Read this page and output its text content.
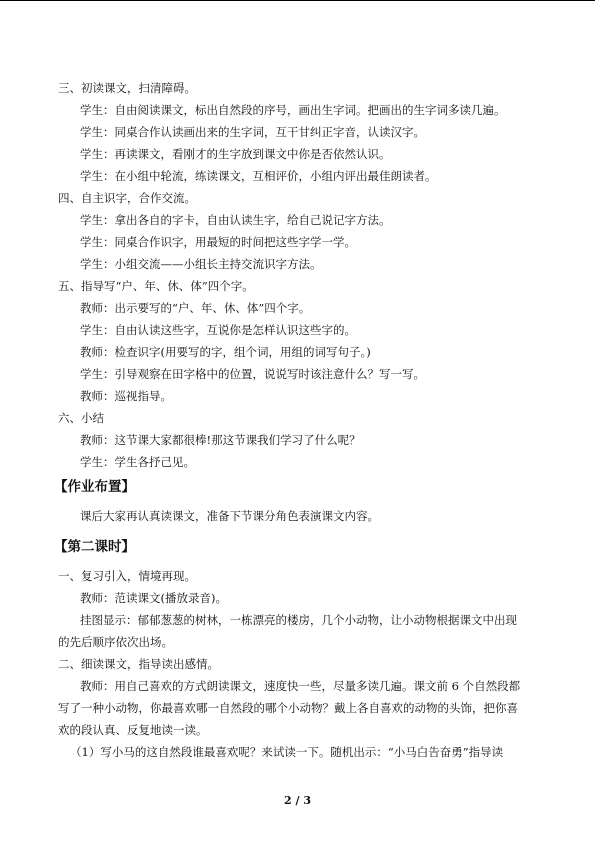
三、初读课文，扫清障碍。
学生：自由阅读课文，标出自然段的序号，画出生字词。把画出的生字词多读几遍。
学生：同桌合作认读画出来的生字词，互干甘纠正字音，认读汉字。
学生：再读课文，看刚才的生字放到课文中你是否依然认识。
学生：在小组中轮流，练读课文，互相评价，小组内评出最佳朗读者。
四、自主识字，合作交流。
学生：拿出各自的字卡，自由认读生字，给自己说记字方法。
学生：同桌合作识字，用最短的时间把这些字学一学。
学生：小组交流——小组长主持交流识字方法。
五、指导写“户、年、休、体”四个字。
教师：出示要写的“户、年、休、体”四个字。
学生：自由认读这些字，互说你是怎样认识这些字的。
教师：检查识字(用要写的字，组个词，用组的词写句子。)
学生：引导观察在田字格中的位置，说说写时该注意什么？写一写。
教师：巡视指导。
六、小结
教师：这节课大家都很棒!那这节课我们学习了什么呢？
学生：学生各抒己见。
【作业布置】
课后大家再认真读课文，准备下节课分角色表演课文内容。
【第二课时】
一、复习引入，情境再现。
教师：范读课文(播放录音)。
挂图显示：郁郁葱葱的树林，一栋漂亮的楼房，几个小动物，让小动物根据课文中出现
的先后顺序依次出场。
二、细读课文，指导读出感情。
教师：用自己喜欢的方式朗读课文，速度快一些，尽量多读几遍。课文前 6 个自然段都
写了一种小动物，你最喜欢哪一自然段的哪个小动物？戴上各自喜欢的动物的头饰，把你喜
欢的段认真、反复地读一读。
（1）写小马的这自然段谁最喜欢呢？来试读一下。随机出示：“小马白告奋勇”指导读
2 / 3
